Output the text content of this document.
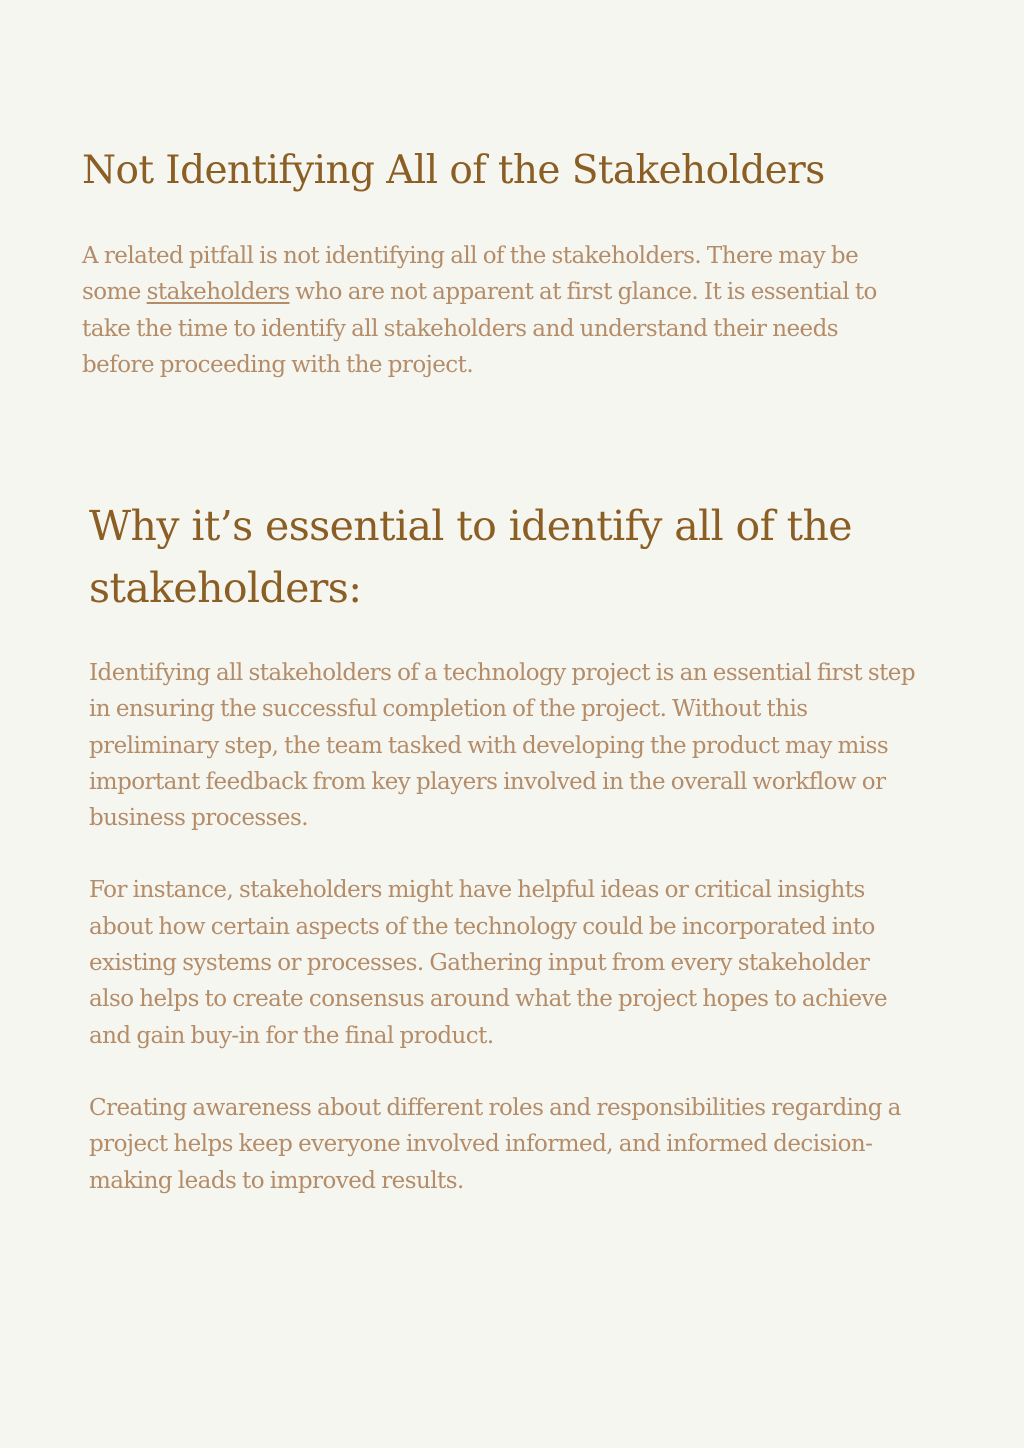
Not Identifying All of the Stakeholders

A related pitfall is not identifying all of the stakeholders. There may be some stakeholders who are not apparent at first glance. It is essential to take the time to identify all stakeholders and understand their needs before proceeding with the project.

Why it’s essential to identify all of the stakeholders:

Identifying all stakeholders of a technology project is an essential first step in ensuring the successful completion of the project. Without this preliminary step, the team tasked with developing the product may miss important feedback from key players involved in the overall workflow or business processes.

For instance, stakeholders might have helpful ideas or critical insights about how certain aspects of the technology could be incorporated into existing systems or processes. Gathering input from every stakeholder also helps to create consensus around what the project hopes to achieve and gain buy-in for the final product.

Creating awareness about different roles and responsibilities regarding a project helps keep everyone involved informed, and informed decision-making leads to improved results.
